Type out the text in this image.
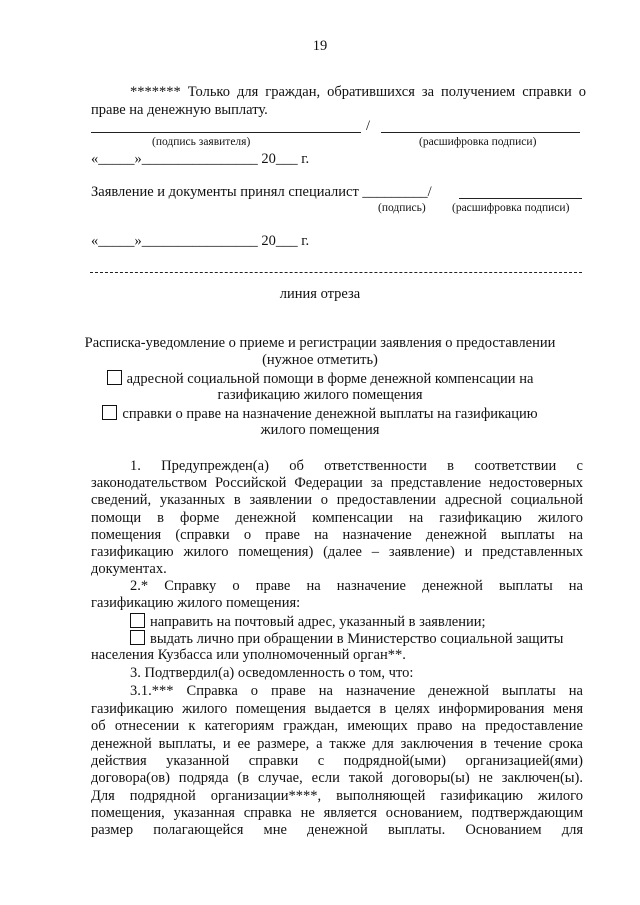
19
******* Только для граждан, обратившихся за получением справки о
праве на денежную выплату.
/
(подпись заявителя)	(расшифровка подписи)
«_____»________________ 20___ г.
Заявление и документы принял специалист _________/
(подпись) (расшифровка подписи)
«_____»________________ 20___ г.
линия отреза
Расписка-уведомление о приеме и регистрации заявления о предоставлении
(нужное отметить)
адресной социальной помощи в форме денежной компенсации на
газификацию жилого помещения
справки о праве на назначение денежной выплаты на газификацию
жилого помещения
1. Предупрежден(а) об ответственности в соответствии с
законодательством Российской Федерации за представление недостоверных
сведений, указанных в заявлении о предоставлении адресной социальной
помощи в форме денежной компенсации на газификацию жилого
помещения (справки о праве на назначение денежной выплаты на
газификацию жилого помещения) (далее – заявление) и представленных
документах.
2.* Справку о праве на назначение денежной выплаты на
газификацию жилого помещения:
направить на почтовый адрес, указанный в заявлении;
выдать лично при обращении в Министерство социальной защиты
населения Кузбасса или уполномоченный орган**.
3. Подтвердил(а) осведомленность о том, что:
3.1.*** Справка о праве на назначение денежной выплаты на
газификацию жилого помещения выдается в целях информирования меня
об отнесении к категориям граждан, имеющих право на предоставление
денежной выплаты, и ее размере, а также для заключения в течение срока
действия указанной справки с подрядной(ыми) организацией(ями)
договора(ов) подряда (в случае, если такой договоры(ы) не заключен(ы).
Для подрядной организации****, выполняющей газификацию жилого
помещения, указанная справка не является основанием, подтверждающим
размер полагающейся мне денежной выплаты. Основанием для
